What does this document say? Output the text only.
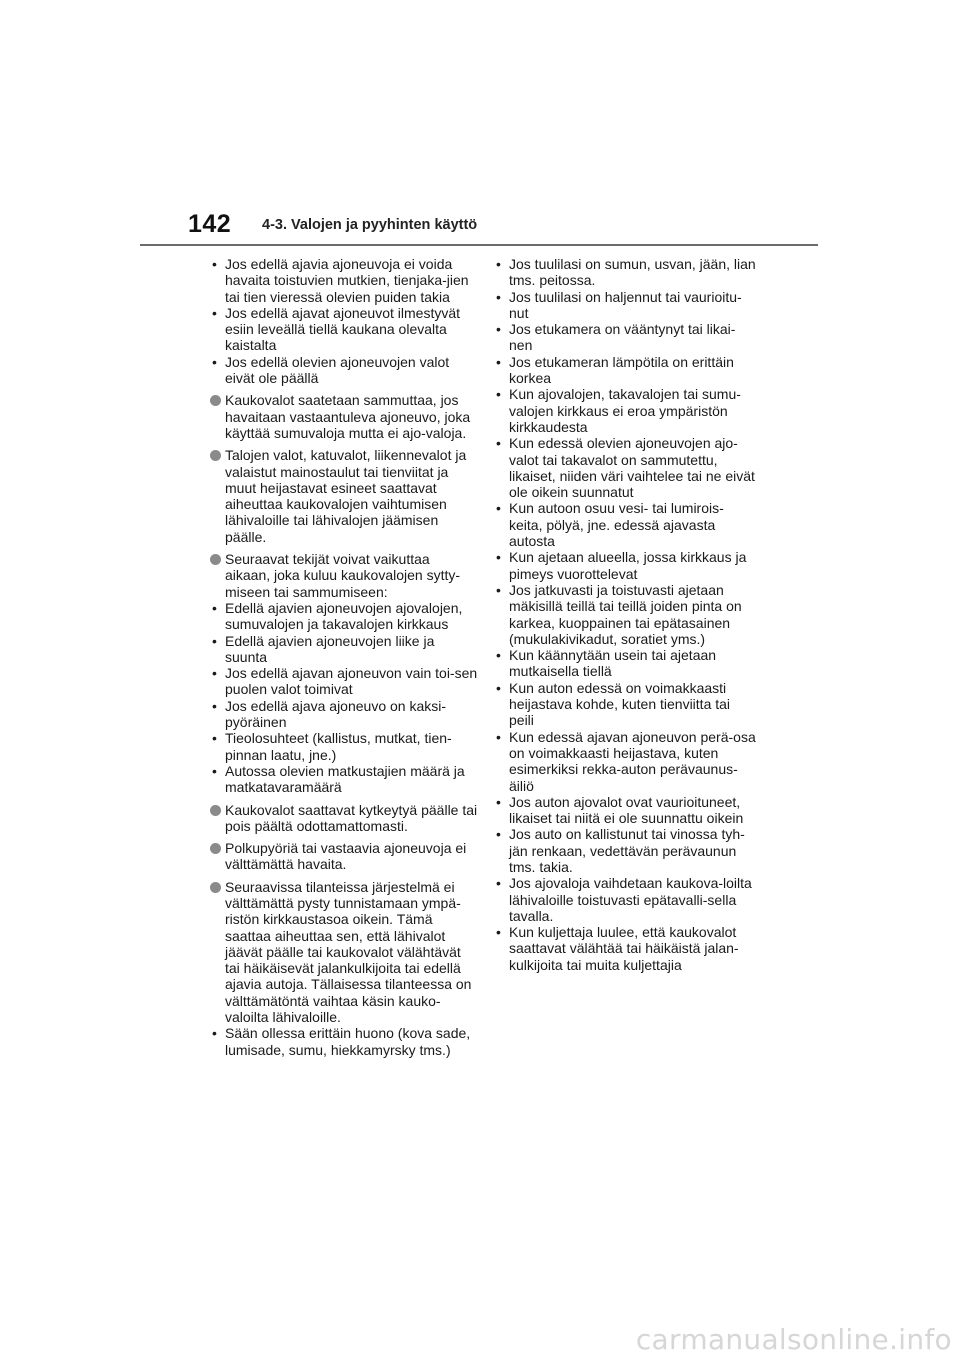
142 4-3. Valojen ja pyyhinten käyttö
• Jos edellä ajavia ajoneuvoja ei voida havaita toistuvien mutkien, tienjaka-jien tai tien vieressä olevien puiden takia
• Jos edellä ajavat ajoneuvot ilmestyvät esiin leveällä tiellä kaukana olevalta kaistalta
• Jos edellä olevien ajoneuvojen valot eivät ole päällä
Kaukovalot saatetaan sammuttaa, jos havaitaan vastaantuleva ajoneuvo, joka käyttää sumuvaloja mutta ei ajo-valoja.
Talojen valot, katuvalot, liikennevalot ja valaistut mainostaulut tai tienviitat ja muut heijastavat esineet saattavat aiheuttaa kaukovalojen vaihtumisen lähivaloille tai lähivalojen jäämisen päälle.
Seuraavat tekijät voivat vaikuttaa aikaan, joka kuluu kaukovalojen sytty-miseen tai sammumiseen:
• Edellä ajavien ajoneuvojen ajovalojen, sumuvalojen ja takavalojen kirkkaus
• Edellä ajavien ajoneuvojen liike ja suunta
• Jos edellä ajavan ajoneuvon vain toi-sen puolen valot toimivat
• Jos edellä ajava ajoneuvo on kaksi-pyöräinen
• Tieolosuhteet (kallistus, mutkat, tien-pinnan laatu, jne.)
• Autossa olevien matkustajien määrä ja matkatavaramäärä
Kaukovalot saattavat kytkeytyä päälle tai pois päältä odottamattomasti.
Polkupyöriä tai vastaavia ajoneuvoja ei välttämättä havaita.
Seuraavissa tilanteissa järjestelmä ei välttämättä pysty tunnistamaan ympä-ristön kirkkaustasoa oikein. Tämä saattaa aiheuttaa sen, että lähivalot jäävät päälle tai kaukovalot välähtävät tai häikäisevät jalankulkijoita tai edellä ajavia autoja. Tällaisessa tilanteessa on välttämätöntä vaihtaa käsin kauko-valoilta lähivaloille.
• Sään ollessa erittäin huono (kova sade, lumisade, sumu, hiekkamyrsky tms.)
• Jos tuulilasi on sumun, usvan, jään, lian tms. peitossa.
• Jos tuulilasi on haljennut tai vaurioitu-nut
• Jos etukamera on vääntynyt tai likai-nen
• Jos etukameran lämpötila on erittäin korkea
• Kun ajovalojen, takavalojen tai sumu-valojen kirkkaus ei eroa ympäristön kirkkaudesta
• Kun edessä olevien ajoneuvojen ajo-valot tai takavalot on sammutettu, likaiset, niiden väri vaihtelee tai ne eivät ole oikein suunnatut
• Kun autoon osuu vesi- tai lumirois-keita, pölyä, jne. edessä ajavasta autosta
• Kun ajetaan alueella, jossa kirkkaus ja pimeys vuorottelevat
• Jos jatkuvasti ja toistuvasti ajetaan mäkisillä teillä tai teillä joiden pinta on karkea, kuoppainen tai epätasainen (mukulakivikadut, soratiet yms.)
• Kun käännytään usein tai ajetaan mutkaisella tiellä
• Kun auton edessä on voimakkaasti heijastava kohde, kuten tienviitta tai peili
• Kun edessä ajavan ajoneuvon perä-osa on voimakkaasti heijastava, kuten esimerkiksi rekka-auton perävaunus-äiliö
• Jos auton ajovalot ovat vaurioituneet, likaiset tai niitä ei ole suunnattu oikein
• Jos auto on kallistunut tai vinossa tyh-jän renkaan, vedettävän perävaunun tms. takia.
• Jos ajovaloja vaihdetaan kaukova-loilta lähivaloille toistuvasti epätavalli-sella tavalla.
• Kun kuljettaja luulee, että kaukovalot saattavat välähtää tai häikäistä jalan-kulkijoita tai muita kuljettajia
carmanualsonline.info
